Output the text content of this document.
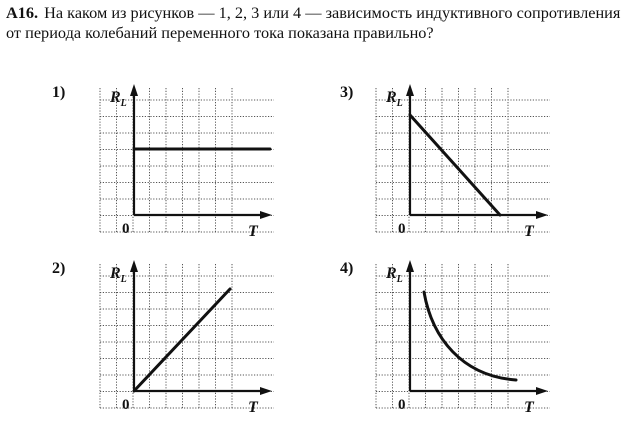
A16. На каком из рисунков — 1, 2, 3 или 4 — зависимость индуктивного сопротивления от периода колебаний переменного тока показана правильно?
1)
2)
3)
4)
$R_L$
T
0
$R_L$
T
0
$R_L$
T
0
$R_L$
T
0
